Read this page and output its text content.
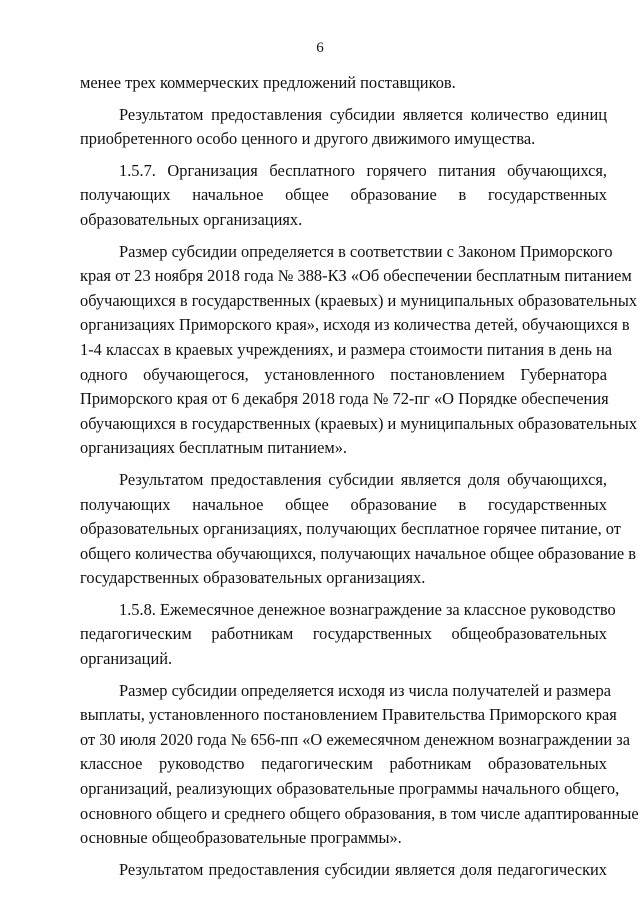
6
менее трех коммерческих предложений поставщиков.
Результатом предоставления субсидии является количество единиц
приобретенного особо ценного и другого движимого имущества.
1.5.7. Организация бесплатного горячего питания обучающихся,
получающих начальное общее образование в государственных
образовательных организациях.
Размер субсидии определяется в соответствии с Законом Приморского
края от 23 ноября 2018 года № 388-КЗ «Об обеспечении бесплатным питанием
обучающихся в государственных (краевых) и муниципальных образовательных
организациях Приморского края», исходя из количества детей, обучающихся в
1-4 классах в краевых учреждениях, и размера стоимости питания в день на
одного обучающегося, установленного постановлением Губернатора
Приморского края от 6 декабря 2018 года № 72-пг «О Порядке обеспечения
обучающихся в государственных (краевых) и муниципальных образовательных
организациях бесплатным питанием».
Результатом предоставления субсидии является доля обучающихся,
получающих начальное общее образование в государственных
образовательных организациях, получающих бесплатное горячее питание, от
общего количества обучающихся, получающих начальное общее образование в
государственных образовательных организациях.
1.5.8. Ежемесячное денежное вознаграждение за классное руководство
педагогическим работникам государственных общеобразовательных
организаций.
Размер субсидии определяется исходя из числа получателей и размера
выплаты, установленного постановлением Правительства Приморского края
от 30 июля 2020 года № 656-пп «О ежемесячном денежном вознаграждении за
классное руководство педагогическим работникам образовательных
организаций, реализующих образовательные программы начального общего,
основного общего и среднего общего образования, в том числе адаптированные
основные общеобразовательные программы».
Результатом предоставления субсидии является доля педагогических
